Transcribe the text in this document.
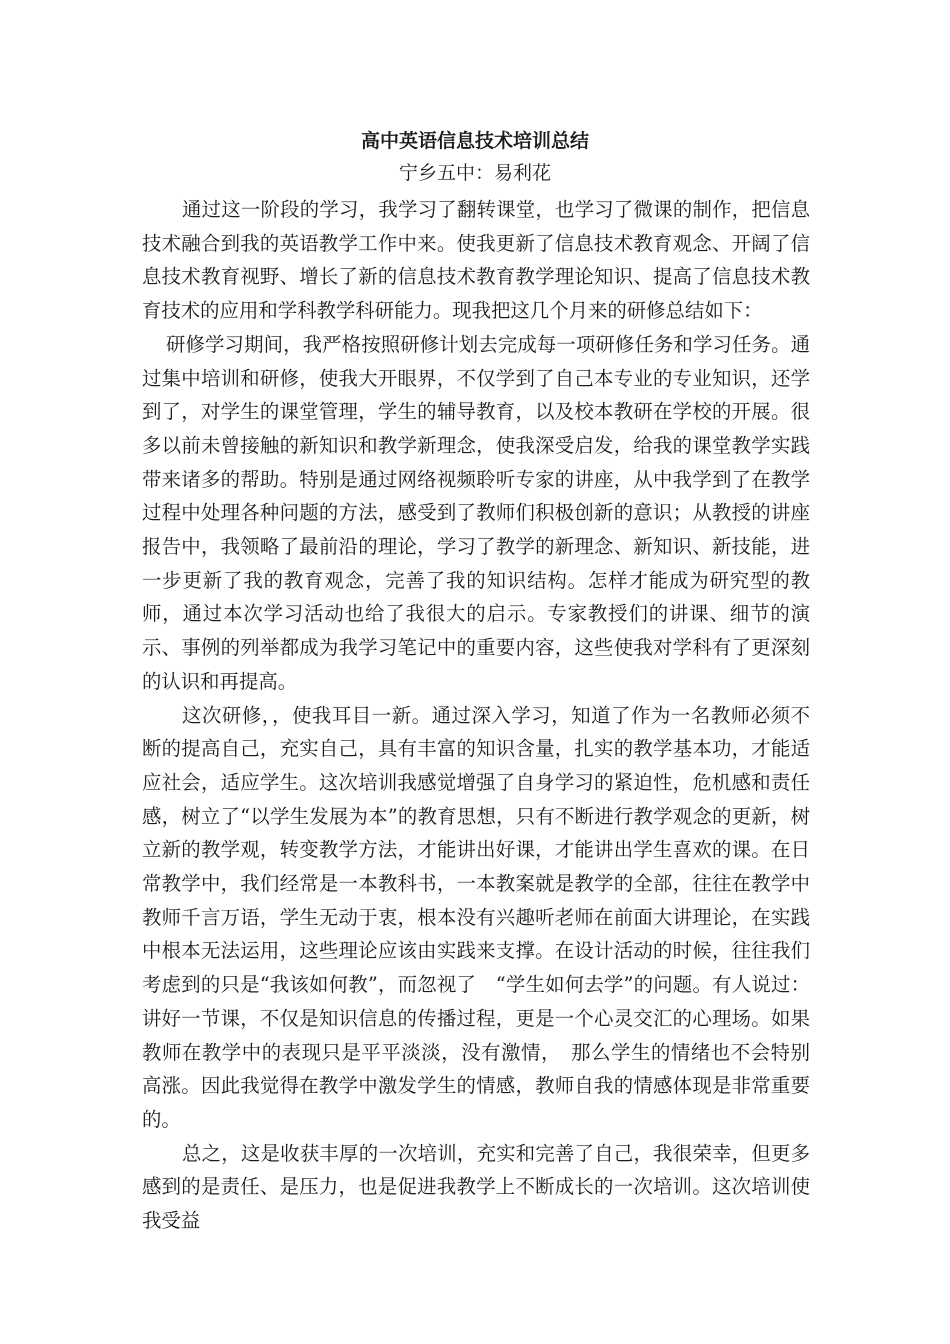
高中英语信息技术培训总结
宁乡五中：易利花

通过这一阶段的学习，我学习了翻转课堂，也学习了微课的制作，把信息技术融合到我的英语教学工作中来。使我更新了信息技术教育观念、开阔了信息技术教育视野、增长了新的信息技术教育教学理论知识、提高了信息技术教育技术的应用和学科教学科研能力。现我把这几个月来的研修总结如下：

研修学习期间，我严格按照研修计划去完成每一项研修任务和学习任务。通过集中培训和研修，使我大开眼界，不仅学到了自己本专业的专业知识，还学到了，对学生的课堂管理，学生的辅导教育，以及校本教研在学校的开展。很多以前未曾接触的新知识和教学新理念，使我深受启发，给我的课堂教学实践带来诸多的帮助。特别是通过网络视频聆听专家的讲座，从中我学到了在教学过程中处理各种问题的方法，感受到了教师们积极创新的意识；从教授的讲座报告中，我领略了最前沿的理论，学习了教学的新理念、新知识、新技能，进一步更新了我的教育观念，完善了我的知识结构。怎样才能成为研究型的教师，通过本次学习活动也给了我很大的启示。专家教授们的讲课、细节的演示、事例的列举都成为我学习笔记中的重要内容，这些使我对学科有了更深刻的认识和再提高。

这次研修，，使我耳目一新。通过深入学习，知道了作为一名教师必须不断的提高自己，充实自己，具有丰富的知识含量，扎实的教学基本功，才能适应社会，适应学生。这次培训我感觉增强了自身学习的紧迫性，危机感和责任感，树立了“以学生发展为本”的教育思想，只有不断进行教学观念的更新，树立新的教学观，转变教学方法，才能讲出好课，才能讲出学生喜欢的课。在日常教学中，我们经常是一本教科书，一本教案就是教学的全部，往往在教学中教师千言万语，学生无动于衷，根本没有兴趣听老师在前面大讲理论，在实践中根本无法运用，这些理论应该由实践来支撑。在设计活动的时候，往往我们考虑到的只是“我该如何教”，而忽视了　“学生如何去学”的问题。有人说过：讲好一节课，不仅是知识信息的传播过程，更是一个心灵交汇的心理场。如果教师在教学中的表现只是平平淡淡，没有激情，　那么学生的情绪也不会特别高涨。因此我觉得在教学中激发学生的情感，教师自我的情感体现是非常重要的。

总之，这是收获丰厚的一次培训，充实和完善了自己，我很荣幸，但更多感到的是责任、是压力，也是促进我教学上不断成长的一次培训。这次培训使我受益
